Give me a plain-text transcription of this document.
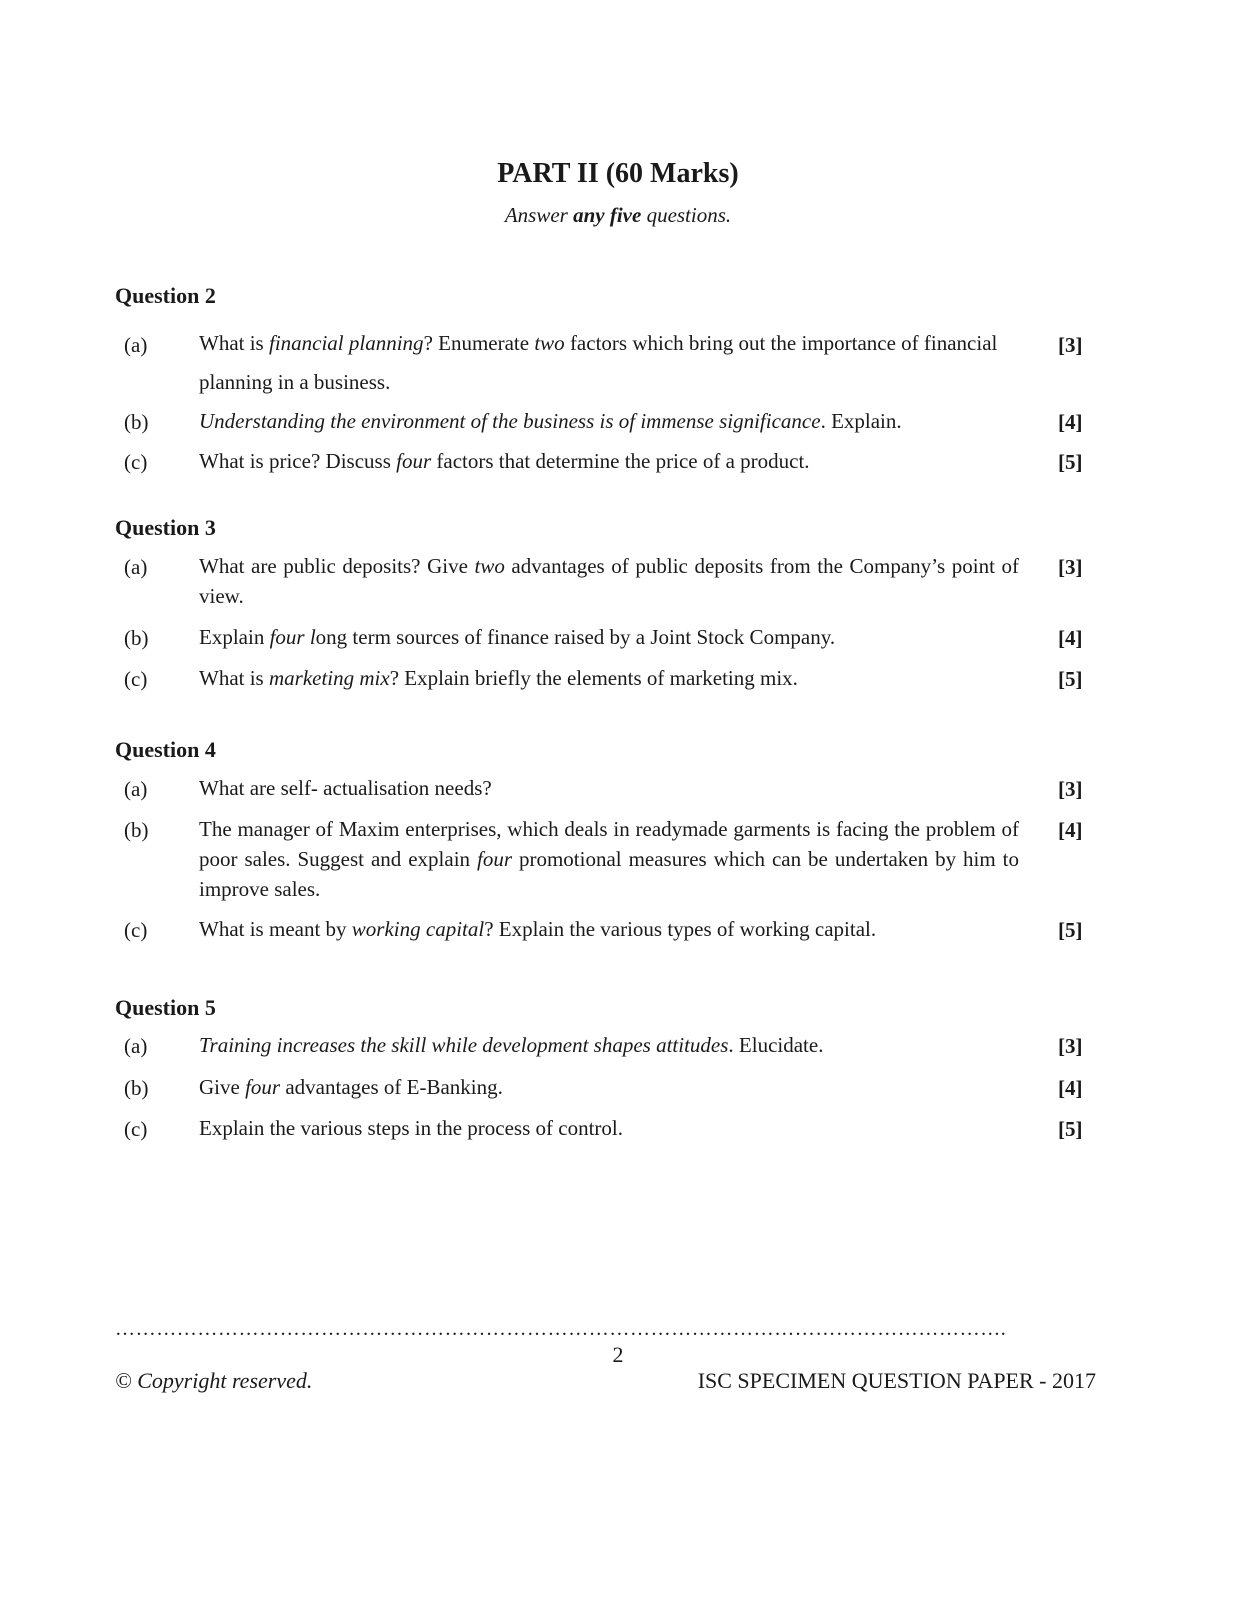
PART II (60 Marks)
Answer any five questions.
Question 2
(a) What is financial planning? Enumerate two factors which bring out the importance of financial planning in a business.
[3]
(b) Understanding the environment of the business is of immense significance. Explain.	[4]
(c) What is price? Discuss four factors that determine the price of a product.	[5]
Question 3
(a) What are public deposits? Give two advantages of public deposits from the Company’s point of view.
[3]
(b) Explain four long term sources of finance raised by a Joint Stock Company.	[4]
(c) What is marketing mix? Explain briefly the elements of marketing mix.	[5]
Question 4
(a) What are self- actualisation needs?	[3]
(b) The manager of Maxim enterprises, which deals in readymade garments is facing the problem of poor sales. Suggest and explain four promotional measures which can be undertaken by him to improve sales.
[4]
(c) What is meant by working capital? Explain the various types of working capital.	[5]
Question 5
(a) Training increases the skill while development shapes attitudes. Elucidate.	[3]
(b) Give four advantages of E-Banking.	[4]
(c) Explain the various steps in the process of control.	[5]
………………………………………………………………………………………………………………….
2
© Copyright reserved.	ISC SPECIMEN QUESTION PAPER - 2017
